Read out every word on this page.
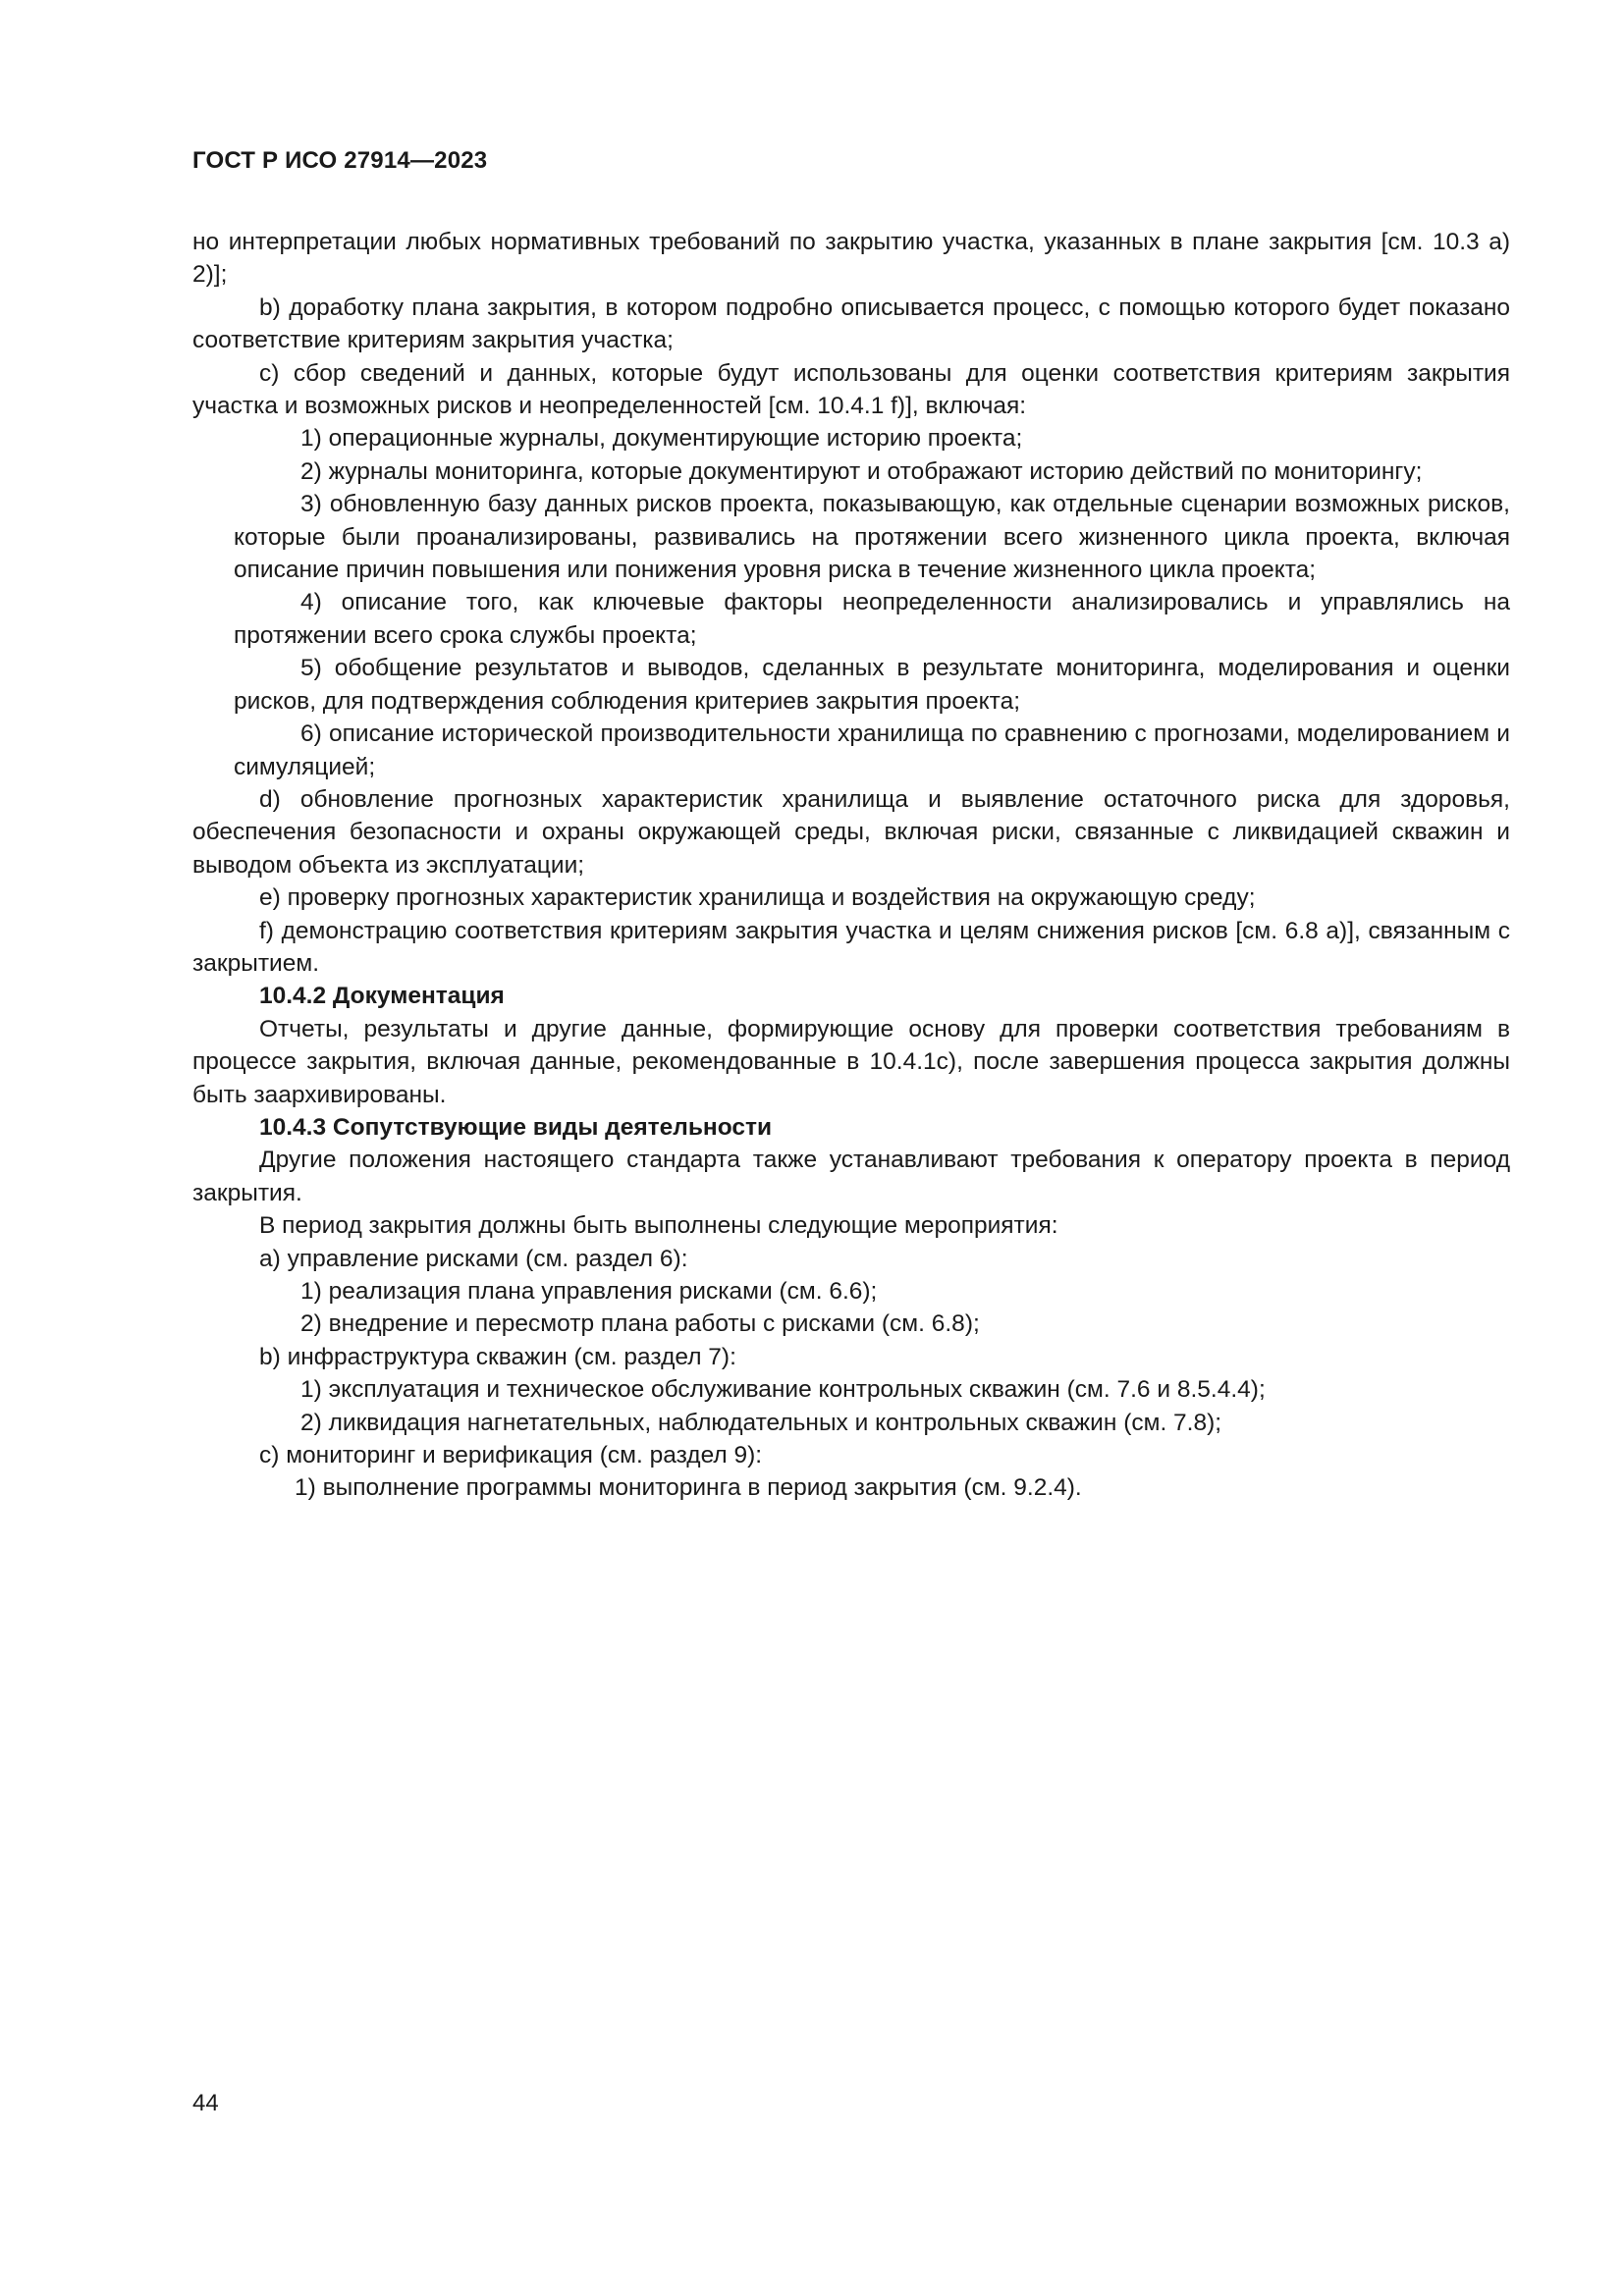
ГОСТ Р ИСО 27914—2023

но интерпретации любых нормативных требований по закрытию участка, указанных в плане закрытия [см. 10.3 а) 2)];

b) доработку плана закрытия, в котором подробно описывается процесс, с помощью которого будет показано соответствие критериям закрытия участка;

c) сбор сведений и данных, которые будут использованы для оценки соответствия критериям закрытия участка и возможных рисков и неопределенностей [см. 10.4.1 f)], включая:

1) операционные журналы, документирующие историю проекта;

2) журналы мониторинга, которые документируют и отображают историю действий по мониторингу;

3) обновленную базу данных рисков проекта, показывающую, как отдельные сценарии возможных рисков, которые были проанализированы, развивались на протяжении всего жизненного цикла проекта, включая описание причин повышения или понижения уровня риска в течение жизненного цикла проекта;

4) описание того, как ключевые факторы неопределенности анализировались и управлялись на протяжении всего срока службы проекта;

5) обобщение результатов и выводов, сделанных в результате мониторинга, моделирования и оценки рисков, для подтверждения соблюдения критериев закрытия проекта;

6) описание исторической производительности хранилища по сравнению с прогнозами, моделированием и симуляцией;

d) обновление прогнозных характеристик хранилища и выявление остаточного риска для здоровья, обеспечения безопасности и охраны окружающей среды, включая риски, связанные с ликвидацией скважин и выводом объекта из эксплуатации;

e) проверку прогнозных характеристик хранилища и воздействия на окружающую среду;

f) демонстрацию соответствия критериям закрытия участка и целям снижения рисков [см. 6.8 а)], связанным с закрытием.

10.4.2 Документация

Отчеты, результаты и другие данные, формирующие основу для проверки соответствия требованиям в процессе закрытия, включая данные, рекомендованные в 10.4.1c), после завершения процесса закрытия должны быть заархивированы.

10.4.3 Сопутствующие виды деятельности

Другие положения настоящего стандарта также устанавливают требования к оператору проекта в период закрытия.

В период закрытия должны быть выполнены следующие мероприятия:

а) управление рисками (см. раздел 6):

1) реализация плана управления рисками (см. 6.6);

2) внедрение и пересмотр плана работы с рисками (см. 6.8);

b) инфраструктура скважин (см. раздел 7):

1) эксплуатация и техническое обслуживание контрольных скважин (см. 7.6 и 8.5.4.4);

2) ликвидация нагнетательных, наблюдательных и контрольных скважин (см. 7.8);

с) мониторинг и верификация (см. раздел 9):

1) выполнение программы мониторинга в период закрытия (см. 9.2.4).

44
